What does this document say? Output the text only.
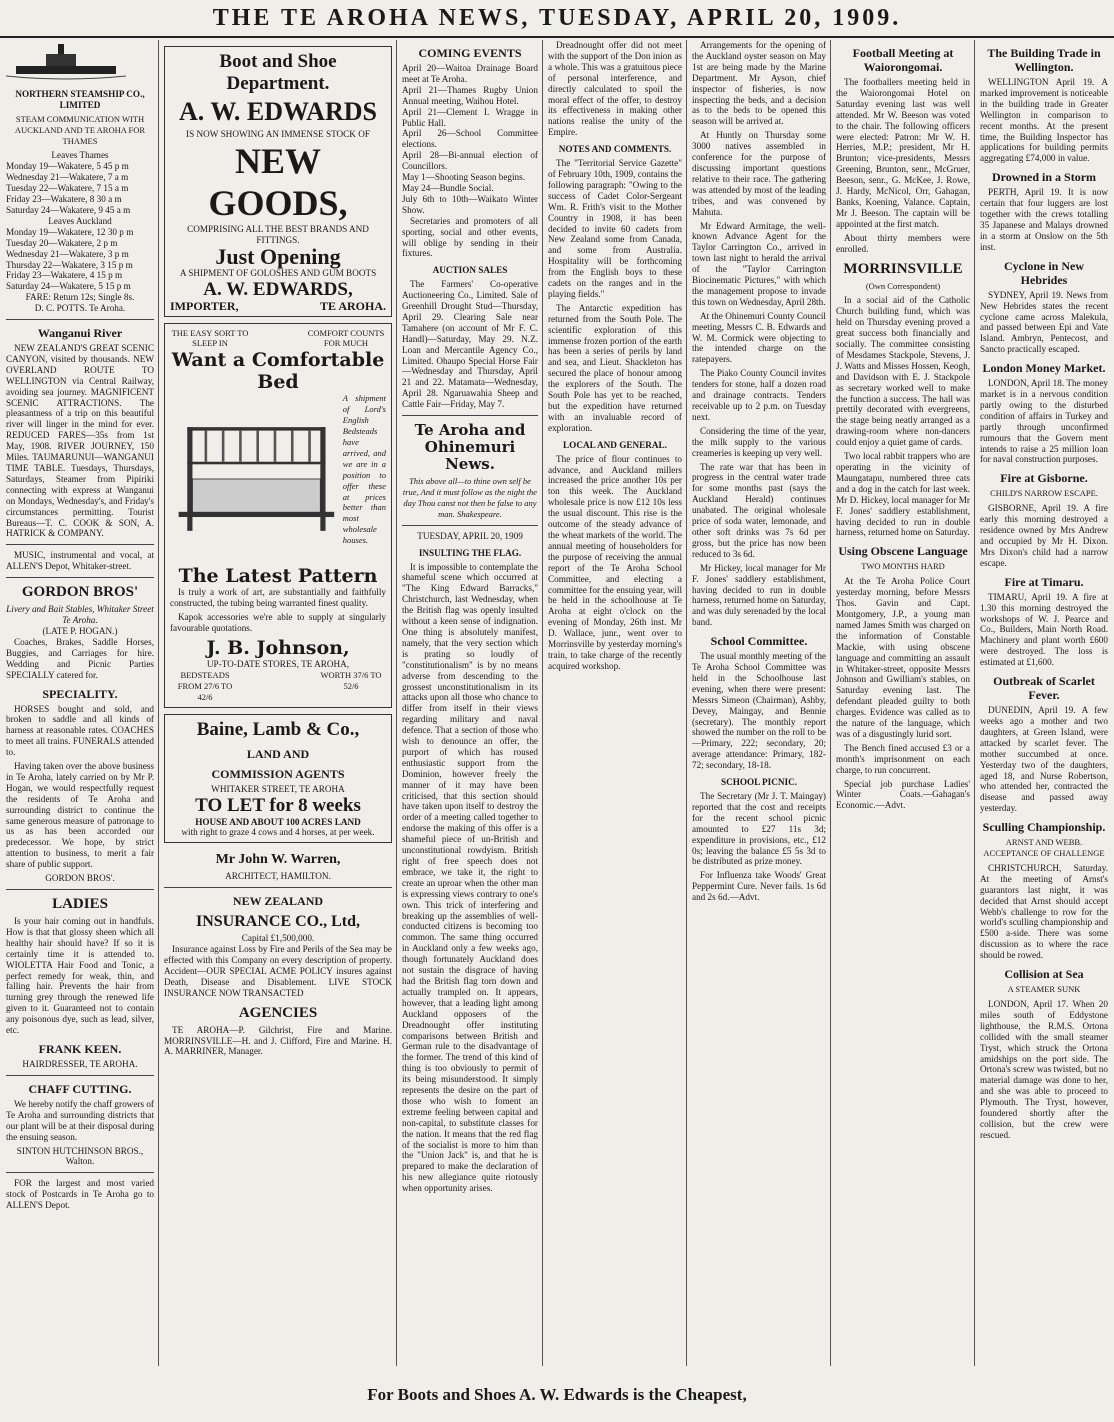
THE TE AROHA NEWS, TUESDAY, APRIL 20, 1909.
NORTHERN STEAMSHIP CO., LIMITED
STEAM COMMUNICATION WITH AUCKLAND AND TE AROHA FOR THAMES
Leaves Thames
Monday 19—Wakatere, 5 45 p m
Wednesday 21—Wakatere, 7 a m
Tuesday 22—Wakatere, 7 15 a m
Friday 23—Wakatere, 8 30 a m
Saturday 24—Wakatere, 9 45 a m
Leaves Auckland
Monday 19—Wakatere, 12 30 p m
Tuesday 20—Wakatere, 2 p m
Wednesday 21—Wakatere, 3 p m
Thursday 22—Wakatere, 3 15 p m
Friday 23—Wakatere, 4 15 p m
Saturday 24—Wakatere, 5 15 p m
FARE: Return 12s; Single 8s.
D. C. POTTS. Te Aroha.
Wanganui River

NEW ZEALAND'S GREAT SCENIC CANYON, visited by thousands. NEW OVERLAND ROUTE TO WELLINGTON via Central Railway, avoiding sea journey. MAGNIFICENT SCENIC ATTRACTIONS. The pleasantness of a trip on this beautiful river will linger in the mind for ever. REDUCED FARES—35s from 1st May, 1908. RIVER JOURNEY, 150 Miles. TAUMARUNUI—WANGANUI TIME TABLE. Tuesdays, Thursdays, Saturdays, Steamer from Pipiriki connecting with express at Wanganui on Mondays, Wednesday's, and Friday's circumstances permitting. Tourist Bureaus—T. C. COOK & SON, A. HATRICK & COMPANY.

MUSIC, instrumental and vocal, at ALLEN'S Depot, Whitaker-street.

GORDON BROS'
Livery and Bait Stables, Whitaker Street Te Aroha.
(LATE P. HOGAN.)

Coaches, Brakes, Saddle Horses, Buggies, and Carriages for hire. Wedding and Picnic Parties SPECIALLY catered for.

SPECIALITY.

HORSES bought and sold, and broken to saddle and all kinds of harness at reasonable rates. COACHES to meet all trains. FUNERALS attended to.

Having taken over the above business in Te Aroha, lately carried on by Mr P. Hogan, we would respectfully request the residents of Te Aroha and surrounding district to continue the same generous measure of patronage to us as has been accorded our predecessor. We hope, by strict attention to business, to merit a fair share of public support.

GORDON BROS'.
LADIES

Is your hair coming out in handfuls. How is that that glossy sheen which all healthy hair should have? If so it is certainly time it is attended to. WIOLETTA Hair Food and Tonic, a perfect remedy for weak, thin, and falling hair. Prevents the hair from turning grey through the renewed life given to it. Guaranteed not to contain any poisonous dye, such as lead, silver, etc.

FRANK KEEN.
HAIRDRESSER, TE AROHA.
CHAFF CUTTING.

We hereby notify the chaff growers of Te Aroha and surrounding districts that our plant will be at their disposal during the ensuing season.

SINTON HUTCHINSON BROS., Walton.

FOR the largest and most varied stock of Postcards in Te Aroha go to ALLEN'S Depot.

Boot and Shoe Department.
A. W. EDWARDS
IS NOW SHOWING AN IMMENSE STOCK OF
NEW GOODS,
COMPRISING ALL THE BEST BRANDS AND FITTINGS.
Just Opening
A SHIPMENT OF GOLOSHES AND GUM BOOTS
A. W. EDWARDS,
IMPORTER,	TE AROHA.
THE EASY SORT TO SLEEP IN
COMFORT COUNTS FOR MUCH
Want a Comfortable Bed
A shipment of Lord's English Bedsteads have arrived, and we are in a position to offer these at prices better than most wholesale houses.
The Latest Pattern

Is truly a work of art, are substantially and faithfully constructed, the tubing being warranted finest quality.

Kapok accessories we're able to supply at singularly favourable quotations.

J. B. Johnson,
UP-TO-DATE STORES, TE AROHA,
BEDSTEADS FROM 27/6 TO 42/6
WORTH 37/6 TO 52/6
Baine, Lamb & Co.,
LAND AND
COMMISSION AGENTS
WHITAKER STREET, TE AROHA
TO LET for 8 weeks
HOUSE AND ABOUT 100 ACRES LAND
with right to graze 4 cows and 4 horses, at per week.
Mr John W. Warren,
ARCHITECT, HAMILTON.
NEW ZEALAND
INSURANCE CO., Ltd,
Capital £1,500,000.

Insurance against Loss by Fire and Perils of the Sea may be effected with this Company on every description of property. Accident—OUR SPECIAL ACME POLICY insures against Death, Disease and Disablement. LIVE STOCK INSURANCE NOW TRANSACTED

AGENCIES

TE AROHA—P. Gilchrist, Fire and Marine. MORRINSVILLE—H. and J. Clifford, Fire and Marine. H. A. MARRINER, Manager.

COMING EVENTS
April 20—Waitoa Drainage Board meet at Te Aroha.
April 21—Thames Rugby Union Annual meeting, Waihou Hotel.
April 21—Clement I. Wragge in Public Hall.
April 26—School Committee elections.
April 28—Bi-annual election of Councillors.
May 1—Shooting Season begins.
May 24—Bundle Social.
July 6th to 10th—Waikato Winter Show.

Secretaries and promoters of all sporting, social and other events, will oblige by sending in their fixtures.

AUCTION SALES

The Farmers' Co-operative Auctioneering Co., Limited. Sale of Greenhill Drought Stud—Thursday, April 29. Clearing Sale near Tamahere (on account of Mr F. C. Handl)—Saturday, May 29. N.Z. Loan and Mercantile Agency Co., Limited. Ohaupo Special Horse Fair—Wednesday and Thursday, April 21 and 22. Matamata—Wednesday, April 28. Ngaruawahia Sheep and Cattle Fair—Friday, May 7.

Te Aroha and Ohinemuri News.
This above all—to thine own self be true, And it must follow as the night the day Thou canst not then be false to any man. Shakespeare.
TUESDAY, APRIL 20, 1909
INSULTING THE FLAG.

It is impossible to contemplate the shameful scene which occurred at "The King Edward Barracks," Christchurch, last Wednesday, when the British flag was openly insulted without a keen sense of indignation. One thing is absolutely manifest, namely, that the very section which is prating so loudly of "constitutionalism" is by no means adverse from descending to the grossest unconstitutionalism in its attacks upon all those who chance to differ from itself in their views regarding military and naval defence. That a section of those who wish to denounce an offer, the purport of which has roused enthusiastic support from the Dominion, however freely the manner of it may have been criticised, that this section should have taken upon itself to destroy the order of a meeting called together to endorse the making of this offer is a shameful piece of un-British and unconstitutional rowdyism. British right of free speech does not embrace, we take it, the right to create an uproar when the other man is expressing views contrary to one's own. This trick of interfering and breaking up the assemblies of well-conducted citizens is becoming too common. The same thing occurred in Auckland only a few weeks ago, though fortunately Auckland does not sustain the disgrace of having had the British flag torn down and actually trampled on. It appears, however, that a leading light among Auckland opposers of the Dreadnought offer instituting comparisons between British and German rule to the disadvantage of the former. The trend of this kind of thing is too obviously to permit of its being misunderstood. It simply represents the desire on the part of those who wish to foment an extreme feeling between capital and non-capital, to substitute classes for the nation. It means that the red flag of the socialist is more to him than the "Union Jack" is, and that he is prepared to make the declaration of his new allegiance quite riotously when opportunity arises.

Dreadnought offer did not meet with the support of the Don inion as a whole. This was a gratuitous piece of personal interference, and directly calculated to spoil the moral effect of the offer, to destroy its effectiveness in making other nations realise the unity of the Empire.

NOTES AND COMMENTS.

The "Territorial Service Gazette" of February 10th, 1909, contains the following paragraph: "Owing to the success of Cadet Color-Sergeant Wm. R. Frith's visit to the Mother Country in 1908, it has been decided to invite 60 cadets from New Zealand some from Canada, and some from Australia. Hospitality will be forthcoming from the English boys to these cadets on the ranges and in the playing fields."

The Antarctic expedition has returned from the South Pole. The scientific exploration of this immense frozen portion of the earth has been a series of perils by land and sea, and Lieut. Shackleton has secured the place of honour among the explorers of the South. The South Pole has yet to be reached, but the expedition have returned with an invaluable record of exploration.

LOCAL AND GENERAL.

The price of flour continues to advance, and Auckland millers increased the price another 10s per ton this week. The Auckland wholesale price is now £12 10s less the usual discount. This rise is the outcome of the steady advance of the wheat markets of the world. The annual meeting of householders for the purpose of receiving the annual report of the Te Aroha School Committee, and electing a committee for the ensuing year, will be held in the schoolhouse at Te Aroha at eight o'clock on the evening of Monday, 26th inst. Mr D. Wallace, junr., went over to Morrinsville by yesterday morning's train, to take charge of the recently acquired workshop.

Arrangements for the opening of the Auckland oyster season on May 1st are being made by the Marine Department. Mr Ayson, chief inspector of fisheries, is now inspecting the beds, and a decision as to the beds to be opened this season will be arrived at.

At Huntly on Thursday some 3000 natives assembled in conference for the purpose of discussing important questions relative to their race. The gathering was attended by most of the leading tribes, and was convened by Mahuta.

Mr Edward Armitage, the well-known Advance Agent for the Taylor Carrington Co., arrived in town last night to herald the arrival of the "Taylor Carrington Biocinematic Pictures," with which the management propose to invade this town on Wednesday, April 28th.

At the Ohinemuri County Council meeting, Messrs C. B. Edwards and W. M. Cormick were objecting to the intended charge on the ratepayers.

The Piako County Council invites tenders for stone, half a dozen road and drainage contracts. Tenders receivable up to 2 p.m. on Tuesday next.

Considering the time of the year, the milk supply to the various creameries is keeping up very well.

The rate war that has been in progress in the central water trade for some months past (says the Auckland Herald) continues unabated. The original wholesale price of soda water, lemonade, and other soft drinks was 7s 6d per gross, but the price has now been reduced to 3s 6d.

Mr Hickey, local manager for Mr F. Jones' saddlery establishment, having decided to run in double harness, returned home on Saturday, and was duly serenaded by the local band.

School Committee.

The usual monthly meeting of the Te Aroha School Committee was held in the Schoolhouse last evening, when there were present: Messrs Simeon (Chairman), Ashby, Devey, Maingay, and Bennie (secretary). The monthly report showed the number on the roll to be—Primary, 222; secondary, 20; average attendance: Primary, 182-72; secondary, 18-18.

SCHOOL PICNIC.

The Secretary (Mr J. T. Maingay) reported that the cost and receipts for the recent school picnic amounted to £27 11s 3d; expenditure in provisions, etc., £12 0s; leaving the balance £5 5s 3d to be distributed as prize money.

For Influenza take Woods' Great Peppermint Cure. Never fails. 1s 6d and 2s 6d.—Advt.

Football Meeting at Waiorongomai.

The footballers meeting held in the Waiorongomai Hotel on Saturday evening last was well attended. Mr W. Beeson was voted to the chair. The following officers were elected: Patron: Mr W. H. Herries, M.P.; president, Mr H. Brunton; vice-presidents, Messrs Greening, Brunton, senr., McGruer, Beeson, senr., G. McKee, J. Rowe, J. Hardy, McNicol, Orr, Gahagan, Banks, Koening, Valance. Captain, Mr J. Beeson. The captain will be appointed at the first match.

About thirty members were enrolled.

MORRINSVILLE
(Own Correspondent)

In a social aid of the Catholic Church building fund, which was held on Thursday evening proved a great success both financially and socially. The committee consisting of Mesdames Stackpole, Stevens, J. J. Watts and Misses Hossen, Keogh, and Davidson with E. J. Stackpole as secretary worked well to make the function a success. The hall was prettily decorated with evergreens, the stage being neatly arranged as a drawing-room where non-dancers could enjoy a quiet game of cards.

Two local rabbit trappers who are operating in the vicinity of Maungatapu, numbered three cats and a dog in the catch for last week. Mr D. Hickey, local manager for Mr F. Jones' saddlery establishment, having decided to run in double harness, returned home on Saturday.

Using Obscene Language
TWO MONTHS HARD

At the Te Aroha Police Court yesterday morning, before Messrs Thos. Gavin and Capt. Montgomery, J.P., a young man named James Smith was charged on the information of Constable Mackie, with using obscene language and committing an assault in Whitaker-street, opposite Messrs Johnson and Gwilliam's stables, on Saturday evening last. The defendant pleaded guilty to both charges. Evidence was called as to the nature of the language, which was of a disgustingly lurid sort.

The Bench fined accused £3 or a month's imprisonment on each charge, to run concurrent.

Special job purchase Ladies' Winter Coats.—Gahagan's Economic.—Advt.

The Building Trade in Wellington.

WELLINGTON April 19. A marked improvement is noticeable in the building trade in Greater Wellington in comparison to recent months. At the present time, the Building Inspector has applications for building permits aggregating £74,000 in value.

Drowned in a Storm

PERTH, April 19. It is now certain that four luggers are lost together with the crews totalling 35 Japanese and Malays drowned in a storm at Onslow on the 5th inst.

Cyclone in New Hebrides

SYDNEY, April 19. News from New Hebrides states the recent cyclone came across Malekula, and passed between Epi and Vate Island. Ambryn, Pentecost, and Sancto practically escaped.

London Money Market.

LONDON, April 18. The money market is in a nervous condition partly owing to the disturbed condition of affairs in Turkey and partly through unconfirmed rumours that the Govern ment intends to raise a 25 million loan for naval construction purposes.

Fire at Gisborne.
CHILD'S NARROW ESCAPE.

GISBORNE, April 19. A fire early this morning destroyed a residence owned by Mrs Andrew and occupied by Mr H. Dixon. Mrs Dixon's child had a narrow escape.

Fire at Timaru.

TIMARU, April 19. A fire at 1.30 this morning destroyed the workshops of W. J. Pearce and Co., Builders, Main North Road. Machinery and plant worth £600 were destroyed. The loss is estimated at £1,600.

Outbreak of Scarlet Fever.

DUNEDIN, April 19. A few weeks ago a mother and two daughters, at Green Island, were attacked by scarlet fever. The mother succumbed at once. Yesterday two of the daughters, aged 18, and Nurse Robertson, who attended her, contracted the disease and passed away yesterday.

Sculling Championship.
ARNST AND WEBB. ACCEPTANCE OF CHALLENGE

CHRISTCHURCH, Saturday. At the meeting of Arnst's guarantors last night, it was decided that Arnst should accept Webb's challenge to row for the world's sculling championship and £500 a-side. There was some discussion as to where the race should be rowed.

Collision at Sea
A STEAMER SUNK

LONDON, April 17. When 20 miles south of Eddystone lighthouse, the R.M.S. Ortona collided with the small steamer Tryst, which struck the Ortona amidships on the port side. The Ortona's screw was twisted, but no material damage was done to her, and she was able to proceed to Plymouth. The Tryst, however, foundered shortly after the collision, but the crew were rescued.

For Boots and Shoes A. W. Edwards is the Cheapest,
